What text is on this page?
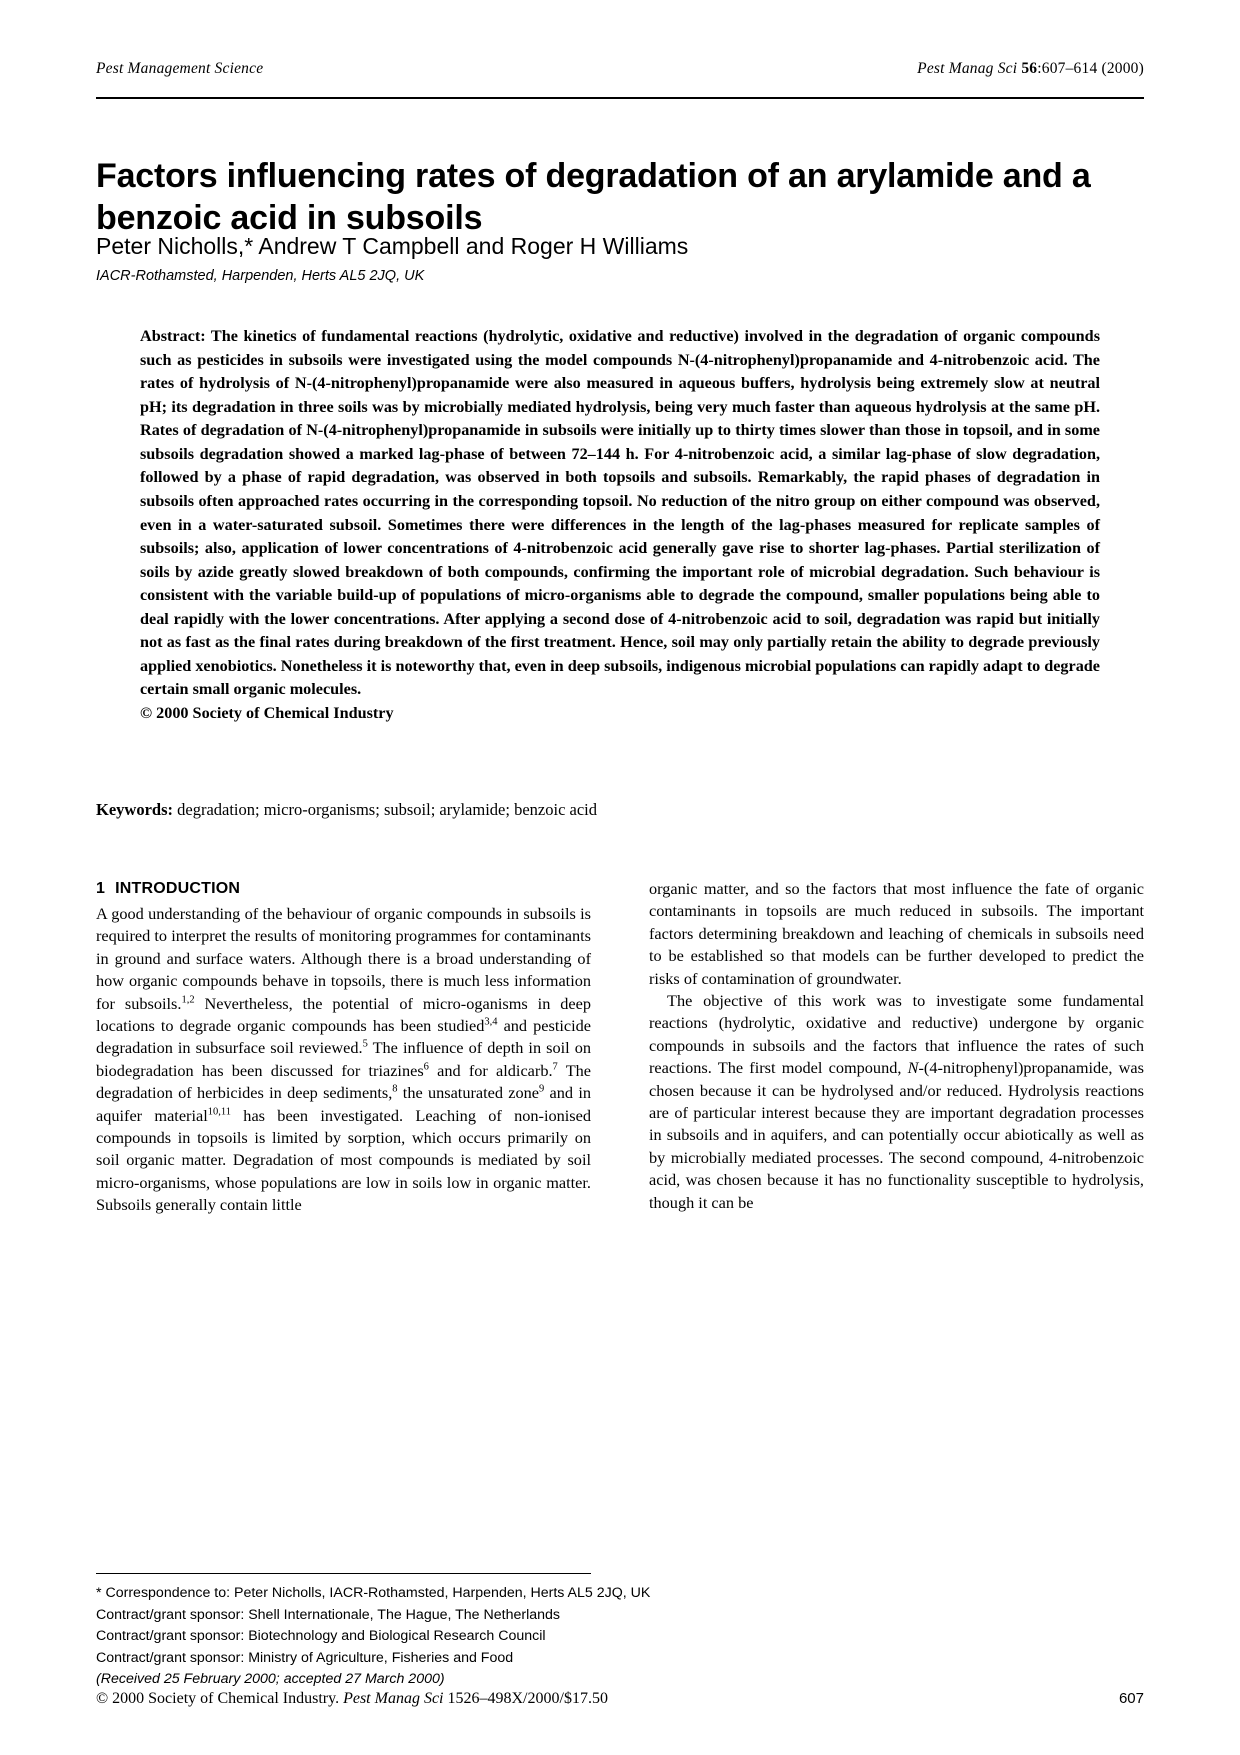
Pest Management Science	Pest Manag Sci 56:607–614 (2000)
Factors influencing rates of degradation of an arylamide and a benzoic acid in subsoils
Peter Nicholls,* Andrew T Campbell and Roger H Williams
IACR-Rothamsted, Harpenden, Herts AL5 2JQ, UK
Abstract: The kinetics of fundamental reactions (hydrolytic, oxidative and reductive) involved in the degradation of organic compounds such as pesticides in subsoils were investigated using the model compounds N-(4-nitrophenyl)propanamide and 4-nitrobenzoic acid. The rates of hydrolysis of N-(4-nitrophenyl)propanamide were also measured in aqueous buffers, hydrolysis being extremely slow at neutral pH; its degradation in three soils was by microbially mediated hydrolysis, being very much faster than aqueous hydrolysis at the same pH. Rates of degradation of N-(4-nitrophenyl)propanamide in subsoils were initially up to thirty times slower than those in topsoil, and in some subsoils degradation showed a marked lag-phase of between 72–144 h. For 4-nitrobenzoic acid, a similar lag-phase of slow degradation, followed by a phase of rapid degradation, was observed in both topsoils and subsoils. Remarkably, the rapid phases of degradation in subsoils often approached rates occurring in the corresponding topsoil. No reduction of the nitro group on either compound was observed, even in a water-saturated subsoil. Sometimes there were differences in the length of the lag-phases measured for replicate samples of subsoils; also, application of lower concentrations of 4-nitrobenzoic acid generally gave rise to shorter lag-phases. Partial sterilization of soils by azide greatly slowed breakdown of both compounds, confirming the important role of microbial degradation. Such behaviour is consistent with the variable build-up of populations of micro-organisms able to degrade the compound, smaller populations being able to deal rapidly with the lower concentrations. After applying a second dose of 4-nitrobenzoic acid to soil, degradation was rapid but initially not as fast as the final rates during breakdown of the first treatment. Hence, soil may only partially retain the ability to degrade previously applied xenobiotics. Nonetheless it is noteworthy that, even in deep subsoils, indigenous microbial populations can rapidly adapt to degrade certain small organic molecules.
© 2000 Society of Chemical Industry
Keywords: degradation; micro-organisms; subsoil; arylamide; benzoic acid
1 INTRODUCTION

A good understanding of the behaviour of organic compounds in subsoils is required to interpret the results of monitoring programmes for contaminants in ground and surface waters. Although there is a broad understanding of how organic compounds behave in topsoils, there is much less information for subsoils.$^{1,2}$ Nevertheless, the potential of micro-oganisms in deep locations to degrade organic compounds has been studied$^{3,4}$ and pesticide degradation in subsurface soil reviewed.$^5$ The influence of depth in soil on biodegradation has been discussed for triazines$^6$ and for aldicarb.$^7$ The degradation of herbicides in deep sediments,$^8$ the unsaturated zone$^9$ and in aquifer material$^{10,11}$ has been investigated. Leaching of non-ionised compounds in topsoils is limited by sorption, which occurs primarily on soil organic matter. Degradation of most compounds is mediated by soil micro-organisms, whose populations are low in soils low in organic matter. Subsoils generally contain little

organic matter, and so the factors that most influence the fate of organic contaminants in topsoils are much reduced in subsoils. The important factors determining breakdown and leaching of chemicals in subsoils need to be established so that models can be further developed to predict the risks of contamination of groundwater.

The objective of this work was to investigate some fundamental reactions (hydrolytic, oxidative and reductive) undergone by organic compounds in subsoils and the factors that influence the rates of such reactions. The first model compound, N-(4-nitrophenyl)propanamide, was chosen because it can be hydrolysed and/or reduced. Hydrolysis reactions are of particular interest because they are important degradation processes in subsoils and in aquifers, and can potentially occur abiotically as well as by microbially mediated processes. The second compound, 4-nitrobenzoic acid, was chosen because it has no functionality susceptible to hydrolysis, though it can be

* Correspondence to: Peter Nicholls, IACR-Rothamsted, Harpenden, Herts AL5 2JQ, UK
Contract/grant sponsor: Shell Internationale, The Hague, The Netherlands
Contract/grant sponsor: Biotechnology and Biological Research Council
Contract/grant sponsor: Ministry of Agriculture, Fisheries and Food
(Received 25 February 2000; accepted 27 March 2000)
© 2000 Society of Chemical Industry. Pest Manag Sci 1526–498X/2000/$17.50	607
